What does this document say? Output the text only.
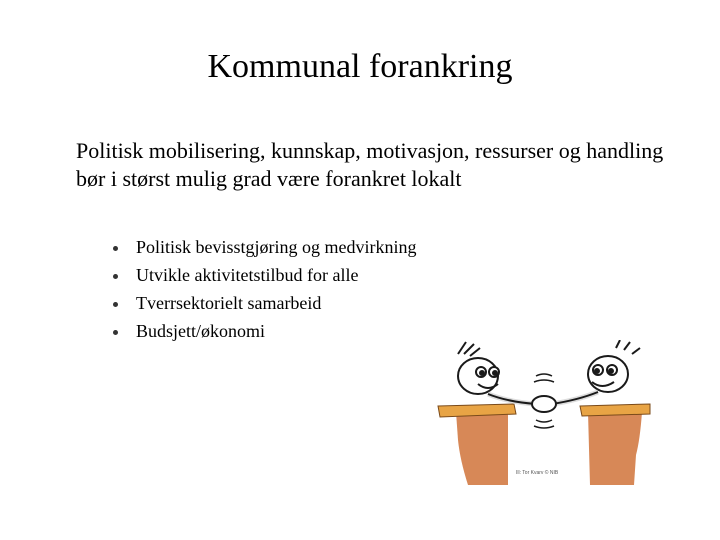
Kommunal forankring
Politisk mobilisering, kunnskap, motivasjon, ressurser og handling bør i størst mulig grad være forankret lokalt
Politisk bevisstgjøring og medvirkning
Utvikle aktivitetstilbud for alle
Tverrsektorielt samarbeid
Budsjett/økonomi
Ill: Tor Kvarv © NIB
